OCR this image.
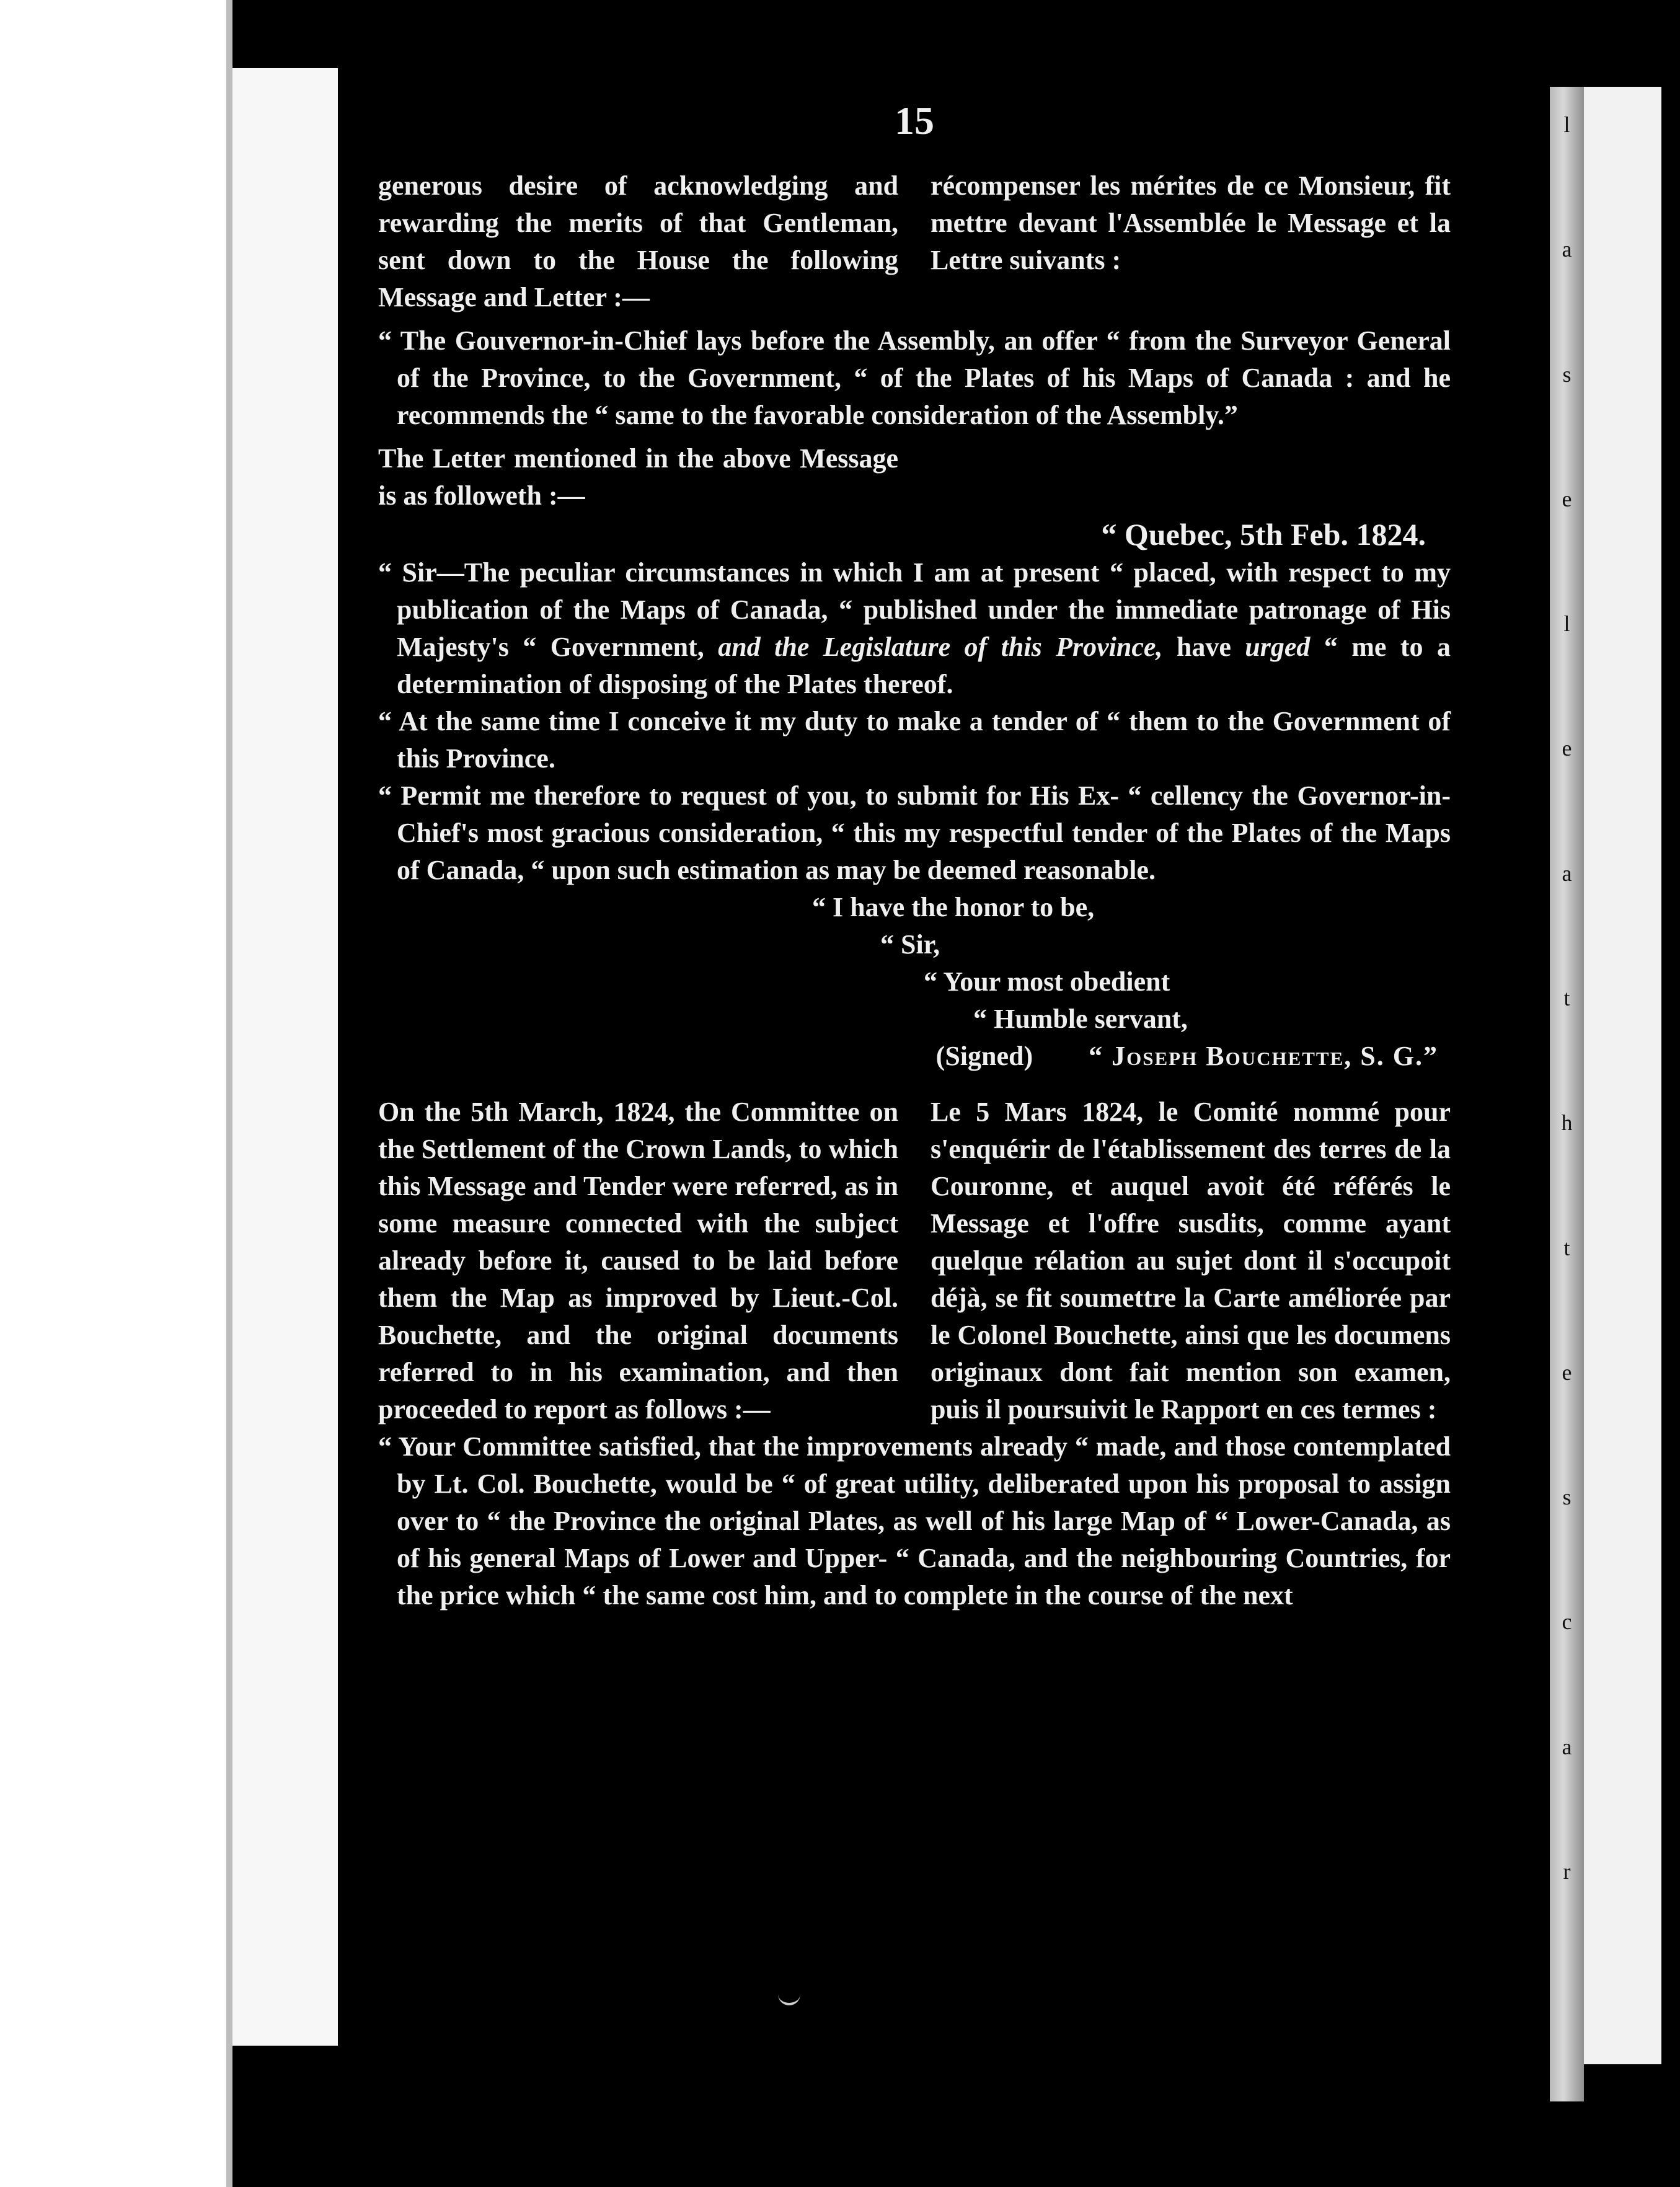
l
a
s
e
l
e
a
t
h
t
e
s
c
a
r
15

generous desire of acknowledging and rewarding the merits of that Gentleman, sent down to the House the following Message and Letter :—

récompenser les mérites de ce Monsieur, fit mettre devant l'Assemblée le Message et la Lettre suivants :

“ The Gouvernor-in-Chief lays before the Assembly, an offer “ from the Surveyor General of the Province, to the Government, “ of the Plates of his Maps of Canada : and he recommends the “ same to the favorable consideration of the Assembly.”

The Letter mentioned in the above Message is as followeth :—

“ Quebec, 5th Feb. 1824.

“ Sir—The peculiar circumstances in which I am at present “ placed, with respect to my publication of the Maps of Canada, “ published under the immediate patronage of His Majesty's “ Government, and the Legislature of this Province, have urged “ me to a determination of disposing of the Plates thereof.

“ At the same time I conceive it my duty to make a tender of “ them to the Government of this Province.

“ Permit me therefore to request of you, to submit for His Ex- “ cellency the Governor-in-Chief's most gracious consideration, “ this my respectful tender of the Plates of the Maps of Canada, “ upon such estimation as may be deemed reasonable.

“ I have the honor to be,

“ Sir,

“ Your most obedient

“ Humble servant,

(Signed) “ Joseph Bouchette, S. G.”

On the 5th March, 1824, the Committee on the Settlement of the Crown Lands, to which this Message and Tender were referred, as in some measure connected with the subject already before it, caused to be laid before them the Map as improved by Lieut.-Col. Bouchette, and the original documents referred to in his examination, and then proceeded to report as follows :—

Le 5 Mars 1824, le Comité nommé pour s'enquérir de l'établissement des terres de la Couronne, et auquel avoit été référés le Message et l'offre susdits, comme ayant quelque rélation au sujet dont il s'occupoit déjà, se fit soumettre la Carte améliorée par le Colonel Bouchette, ainsi que les documens originaux dont fait mention son examen, puis il poursuivit le Rapport en ces termes :

“ Your Committee satisfied, that the improvements already “ made, and those contemplated by Lt. Col. Bouchette, would be “ of great utility, deliberated upon his proposal to assign over to “ the Province the original Plates, as well of his large Map of “ Lower-Canada, as of his general Maps of Lower and Upper- “ Canada, and the neighbouring Countries, for the price which “ the same cost him, and to complete in the course of the next
